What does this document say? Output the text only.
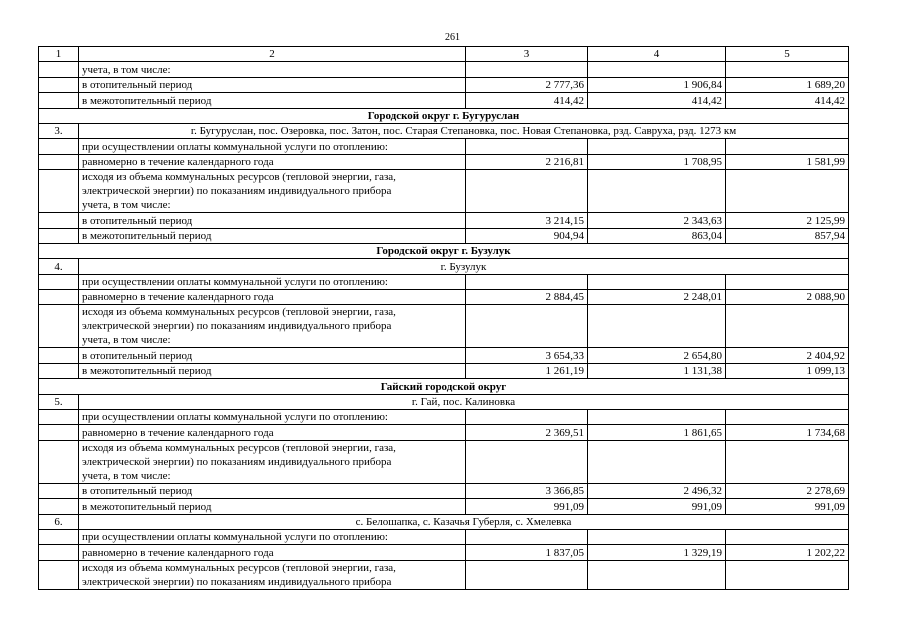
261
1	2	3	4	5
	учета, в том числе:			
	в отопительный период	2 777,36	1 906,84	1 689,20
	в межотопительный период	414,42	414,42	414,42
Городской округ г. Бугуруслан				
3.	г. Бугуруслан, пос. Озеровка, пос. Затон, пос. Старая Степановка, пос. Новая Степановка, рзд. Савруха, рзд. 1273 км			
	при осуществлении оплаты коммунальной услуги по отоплению:			
	равномерно в течение календарного года	2 216,81	1 708,95	1 581,99

	исходя из объема коммунальных ресурсов (тепловой энергии, газа,
электрической энергии) по показаниям индивидуального прибора
учета, в том числе:			

	в отопительный период	3 214,15	2 343,63	2 125,99
	в межотопительный период	904,94	863,04	857,94
Городской округ г. Бузулук				
4.	г. Бузулук			
	при осуществлении оплаты коммунальной услуги по отоплению:			
	равномерно в течение календарного года	2 884,45	2 248,01	2 088,90

	исходя из объема коммунальных ресурсов (тепловой энергии, газа,
электрической энергии) по показаниям индивидуального прибора
учета, в том числе:			

	в отопительный период	3 654,33	2 654,80	2 404,92
	в межотопительный период	1 261,19	1 131,38	1 099,13
Гайский городской округ				
5.	г. Гай, пос. Калиновка			
	при осуществлении оплаты коммунальной услуги по отоплению:			
	равномерно в течение календарного года	2 369,51	1 861,65	1 734,68

	исходя из объема коммунальных ресурсов (тепловой энергии, газа,
электрической энергии) по показаниям индивидуального прибора
учета, в том числе:			

	в отопительный период	3 366,85	2 496,32	2 278,69
	в межотопительный период	991,09	991,09	991,09
6.	с. Белошапка, с. Казачья Губерля, с. Хмелевка			
	при осуществлении оплаты коммунальной услуги по отоплению:			
	равномерно в течение календарного года	1 837,05	1 329,19	1 202,22

	исходя из объема коммунальных ресурсов (тепловой энергии, газа,
электрической энергии) по показаниям индивидуального прибора			
